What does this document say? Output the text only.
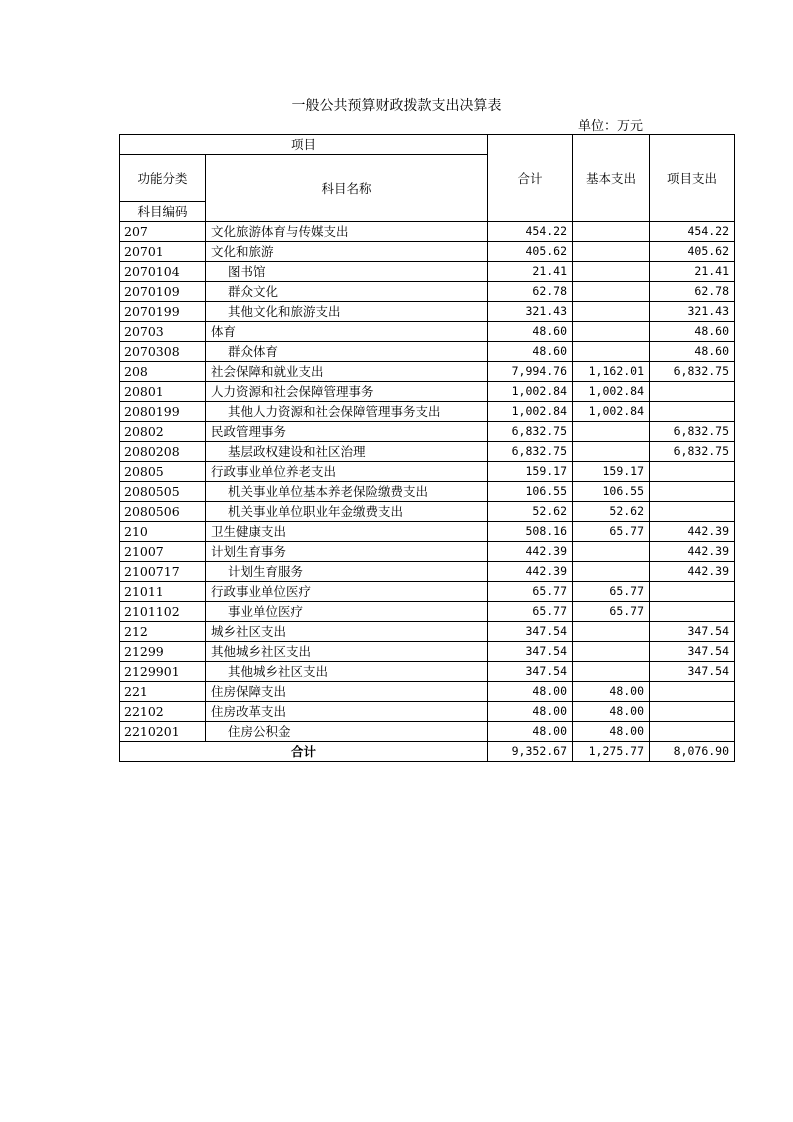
一般公共预算财政拨款支出决算表
单位：万元
项目		合计	基本支出	项目支出
功能分类	科目名称			

科目编码				
207	文化旅游体育与传媒支出	454.22		454.22
20701	文化和旅游	405.62		405.62
2070104	图书馆	21.41		21.41
2070109	群众文化	62.78		62.78
2070199	其他文化和旅游支出	321.43		321.43
20703	体育	48.60		48.60
2070308	群众体育	48.60		48.60
208	社会保障和就业支出	7,994.76	1,162.01	6,832.75
20801	人力资源和社会保障管理事务	1,002.84	1,002.84	
2080199	其他人力资源和社会保障管理事务支出	1,002.84	1,002.84	
20802	民政管理事务	6,832.75		6,832.75
2080208	基层政权建设和社区治理	6,832.75		6,832.75
20805	行政事业单位养老支出	159.17	159.17	
2080505	机关事业单位基本养老保险缴费支出	106.55	106.55	
2080506	机关事业单位职业年金缴费支出	52.62	52.62	
210	卫生健康支出	508.16	65.77	442.39
21007	计划生育事务	442.39		442.39
2100717	计划生育服务	442.39		442.39
21011	行政事业单位医疗	65.77	65.77	
2101102	事业单位医疗	65.77	65.77	
212	城乡社区支出	347.54		347.54
21299	其他城乡社区支出	347.54		347.54
2129901	其他城乡社区支出	347.54		347.54
221	住房保障支出	48.00	48.00	
22102	住房改革支出	48.00	48.00	
2210201	住房公积金	48.00	48.00	
合计		9,352.67	1,275.77	8,076.90
